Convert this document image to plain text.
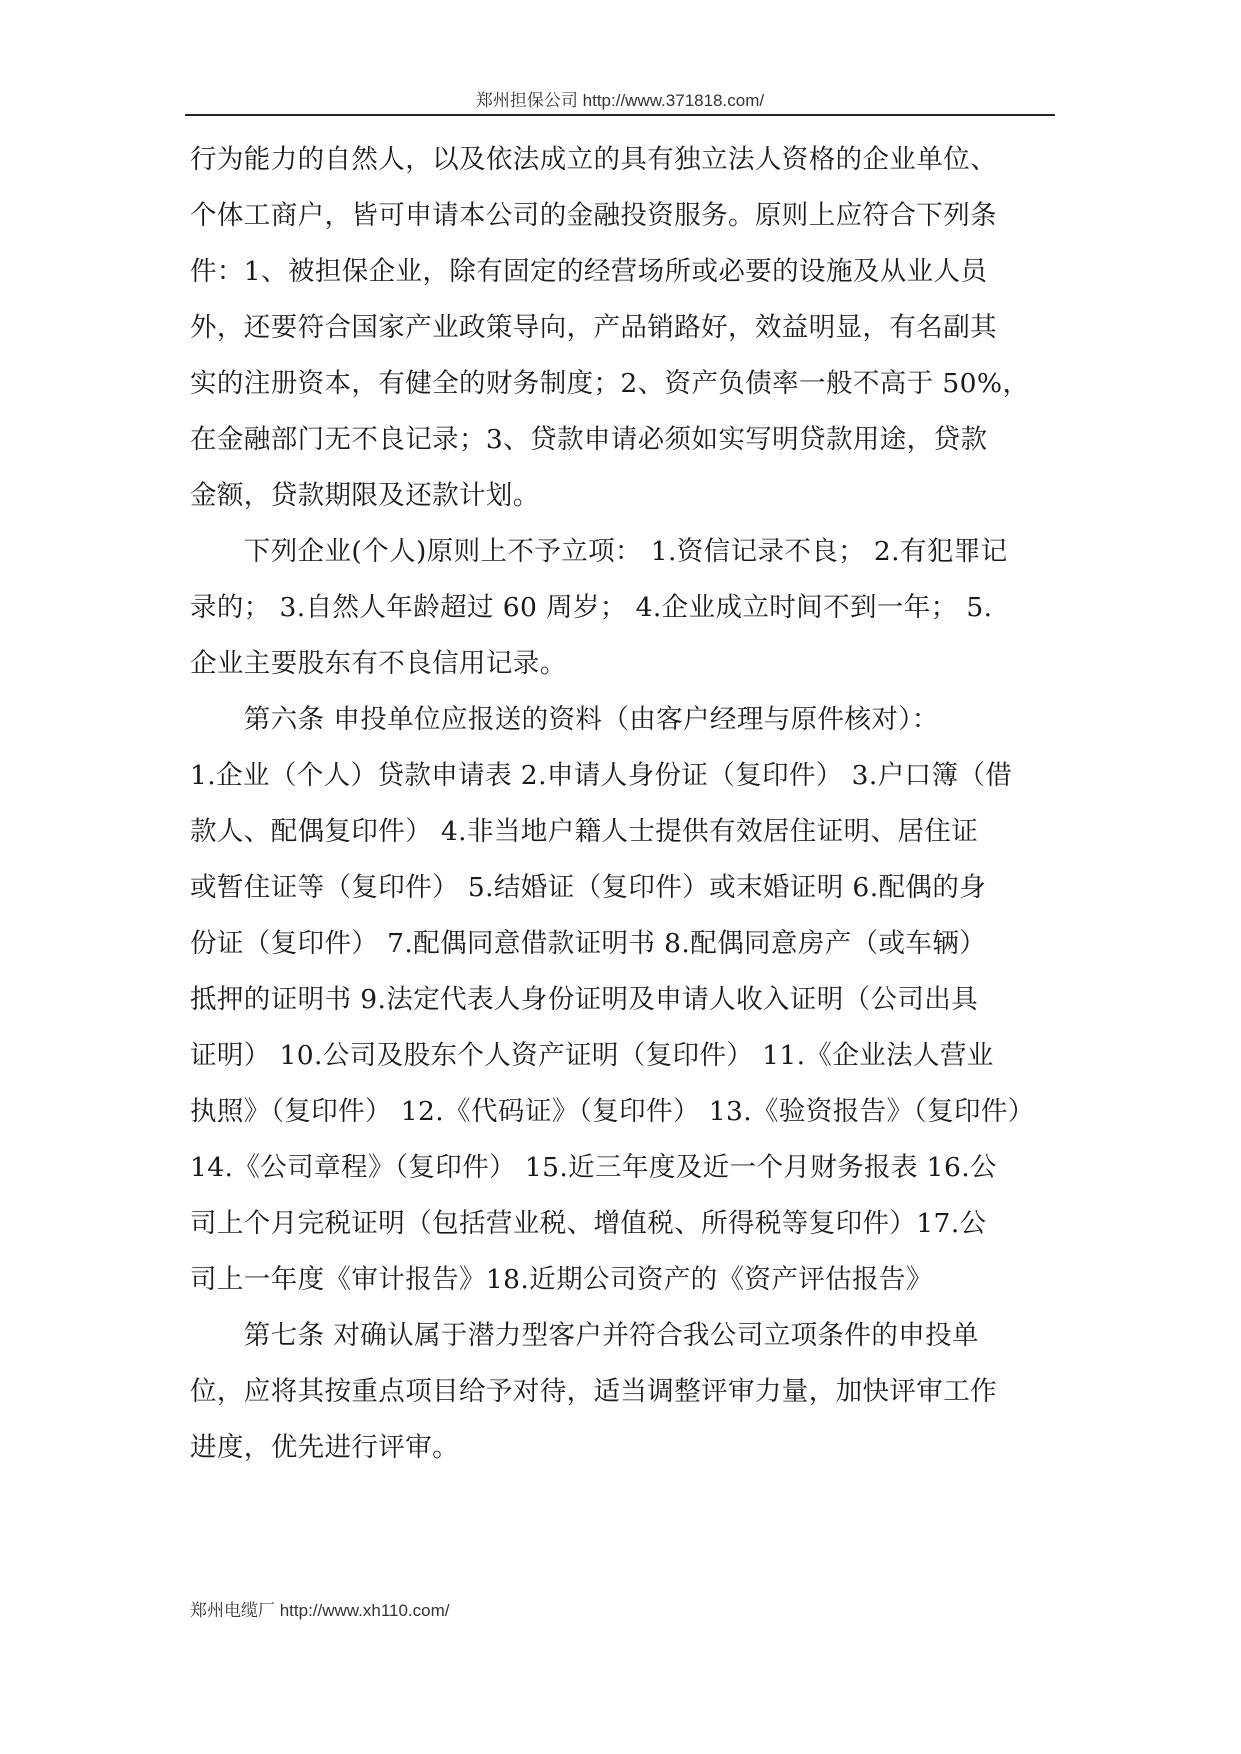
郑州担保公司 http://www.371818.com/
行为能力的自然人，以及依法成立的具有独立法人资格的企业单位、
个体工商户，皆可申请本公司的金融投资服务。原则上应符合下列条
件：1、被担保企业，除有固定的经营场所或必要的设施及从业人员
外，还要符合国家产业政策导向，产品销路好，效益明显，有名副其
实的注册资本，有健全的财务制度；2、资产负债率一般不高于 50%，
在金融部门无不良记录；3、贷款申请必须如实写明贷款用途，贷款
金额，贷款期限及还款计划。
　　下列企业(个人)原则上不予立项： 1.资信记录不良； 2.有犯罪记
录的； 3.自然人年龄超过 60 周岁； 4.企业成立时间不到一年； 5.
企业主要股东有不良信用记录。
　　第六条 申投单位应报送的资料（由客户经理与原件核对）：
1.企业（个人）贷款申请表 2.申请人身份证（复印件） 3.户口簿（借
款人、配偶复印件） 4.非当地户籍人士提供有效居住证明、居住证
或暂住证等（复印件） 5.结婚证（复印件）或末婚证明 6.配偶的身
份证（复印件） 7.配偶同意借款证明书 8.配偶同意房产（或车辆）
抵押的证明书 9.法定代表人身份证明及申请人收入证明（公司出具
证明） 10.公司及股东个人资产证明（复印件） 11.《企业法人营业
执照》（复印件） 12.《代码证》（复印件） 13.《验资报告》（复印件）
14.《公司章程》（复印件） 15.近三年度及近一个月财务报表 16.公
司上个月完税证明（包括营业税、增值税、所得税等复印件）17.公
司上一年度《审计报告》18.近期公司资产的《资产评估报告》
　　第七条 对确认属于潜力型客户并符合我公司立项条件的申投单
位，应将其按重点项目给予对待，适当调整评审力量，加快评审工作
进度，优先进行评审。
郑州电缆厂 http://www.xh110.com/
